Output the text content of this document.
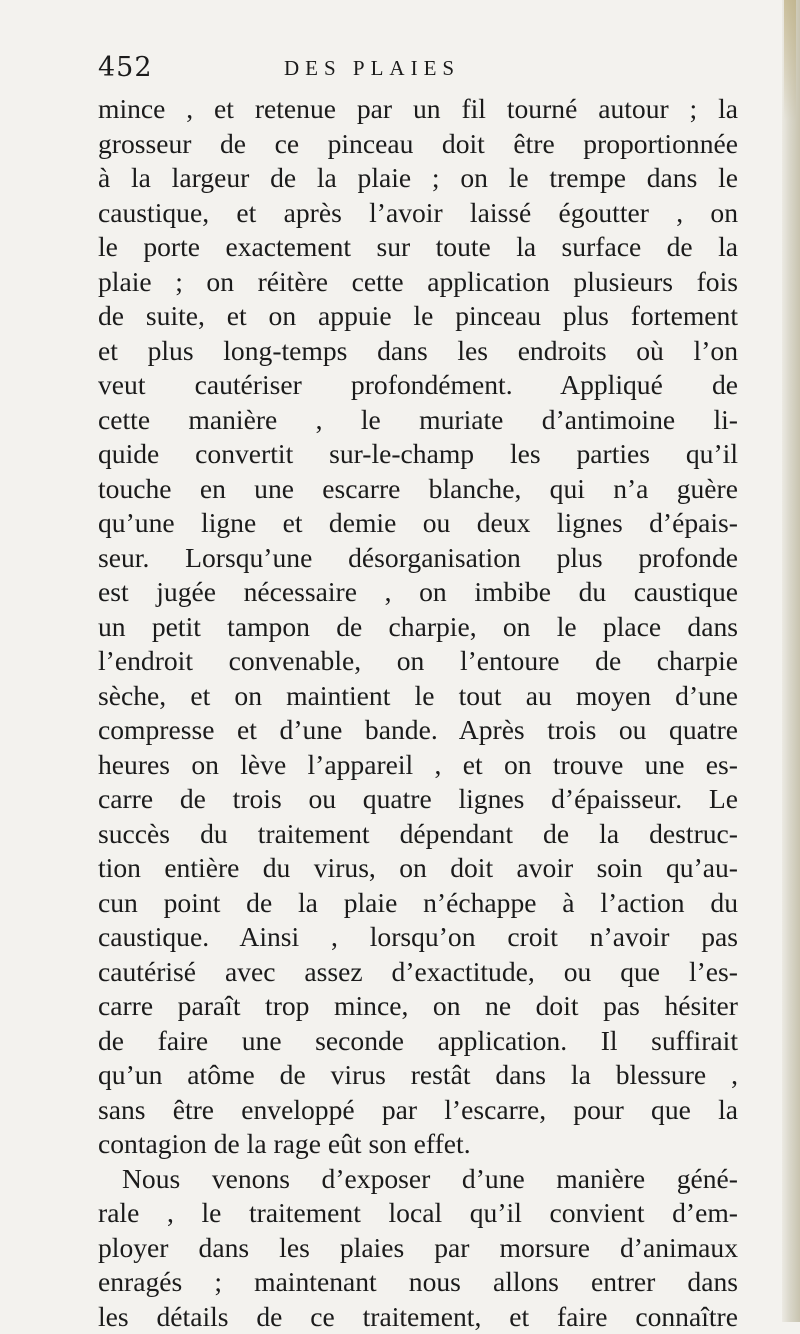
452	DES PLAIES
mince , et retenue par un fil tourné autour ; la
grosseur de ce pinceau doit être proportionnée
à la largeur de la plaie ; on le trempe dans le
caustique, et après l’avoir laissé égoutter , on
le porte exactement sur toute la surface de la
plaie ; on réitère cette application plusieurs fois
de suite, et on appuie le pinceau plus fortement
et plus long-temps dans les endroits où l’on
veut cautériser profondément. Appliqué de
cette manière , le muriate d’antimoine li-
quide convertit sur-le-champ les parties qu’il
touche en une escarre blanche, qui n’a guère
qu’une ligne et demie ou deux lignes d’épais-
seur. Lorsqu’une désorganisation plus profonde
est jugée nécessaire , on imbibe du caustique
un petit tampon de charpie, on le place dans
l’endroit convenable, on l’entoure de charpie
sèche, et on maintient le tout au moyen d’une
compresse et d’une bande. Après trois ou quatre
heures on lève l’appareil , et on trouve une es-
carre de trois ou quatre lignes d’épaisseur. Le
succès du traitement dépendant de la destruc-
tion entière du virus, on doit avoir soin qu’au-
cun point de la plaie n’échappe à l’action du
caustique. Ainsi , lorsqu’on croit n’avoir pas
cautérisé avec assez d’exactitude, ou que l’es-
carre paraît trop mince, on ne doit pas hésiter
de faire une seconde application. Il suffirait
qu’un atôme de virus restât dans la blessure ,
sans être enveloppé par l’escarre, pour que la
contagion de la rage eût son effet.
Nous venons d’exposer d’une manière géné-
rale , le traitement local qu’il convient d’em-
ployer dans les plaies par morsure d’animaux
enragés ; maintenant nous allons entrer dans
les détails de ce traitement, et faire connaître
